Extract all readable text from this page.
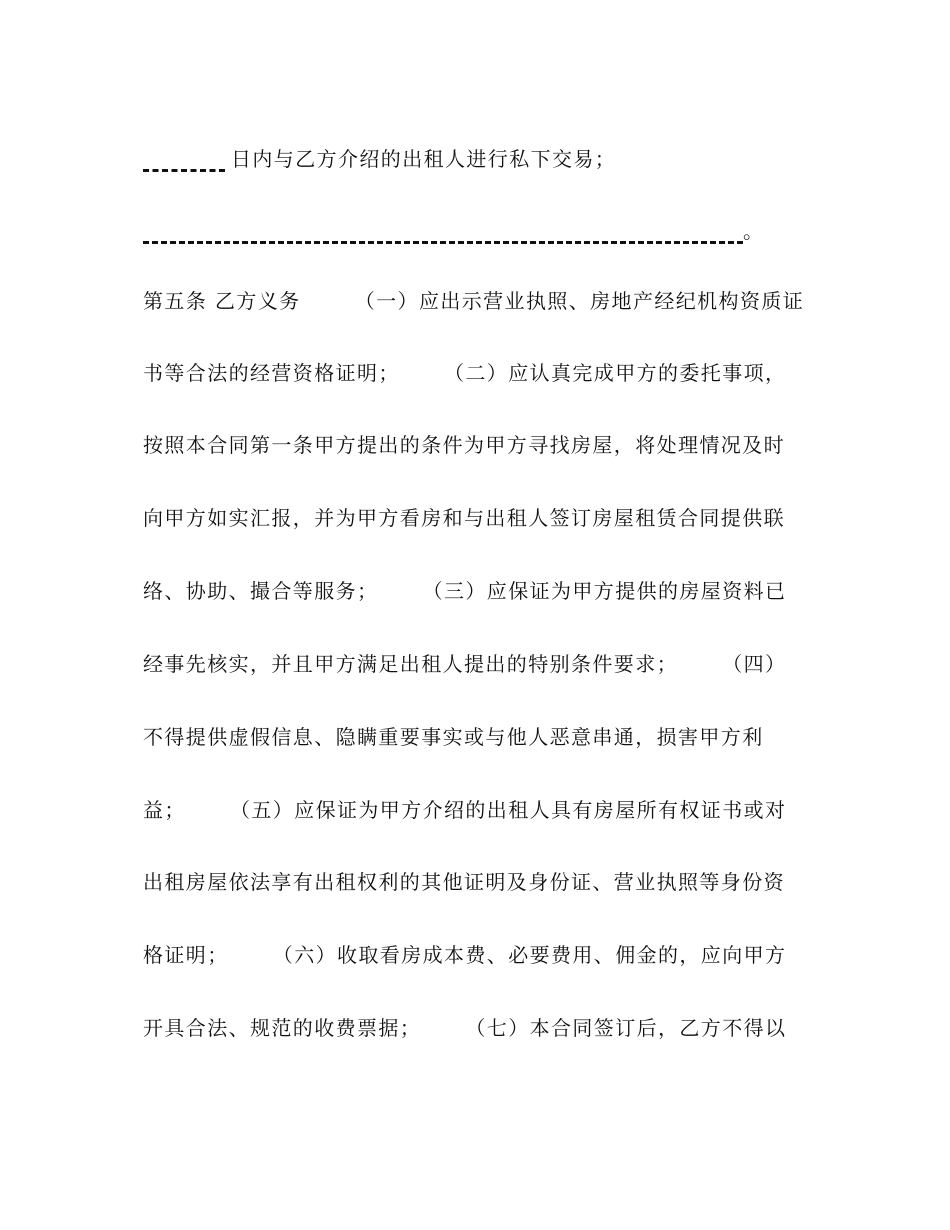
日内与乙方介绍的出租人进行私下交易；
。
第五条 乙方义务　　　（一）应出示营业执照、房地产经纪机构资质证
书等合法的经营资格证明；　　　（二）应认真完成甲方的委托事项，
按照本合同第一条甲方提出的条件为甲方寻找房屋，将处理情况及时
向甲方如实汇报，并为甲方看房和与出租人签订房屋租赁合同提供联
络、协助、撮合等服务；　　　（三）应保证为甲方提供的房屋资料已
经事先核实，并且甲方满足出租人提出的特别条件要求；　　　（四）
不得提供虚假信息、隐瞒重要事实或与他人恶意串通，损害甲方利
益；　　　（五）应保证为甲方介绍的出租人具有房屋所有权证书或对
出租房屋依法享有出租权利的其他证明及身份证、营业执照等身份资
格证明；　　　（六）收取看房成本费、必要费用、佣金的，应向甲方
开具合法、规范的收费票据；　　　（七）本合同签订后，乙方不得以
